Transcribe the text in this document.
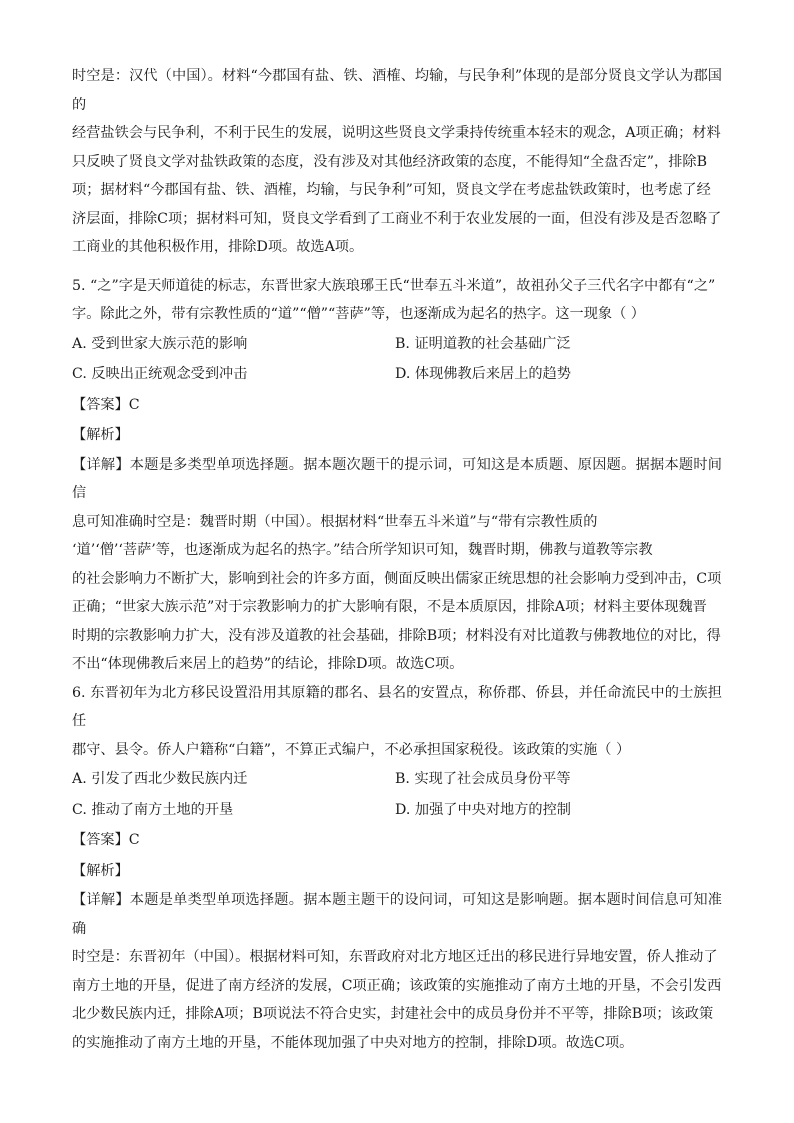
时空是：汉代（中国）。材料“今郡国有盐、铁、酒榷、均输，与民争利”体现的是部分贤良文学认为郡国的

经营盐铁会与民争利，不利于民生的发展，说明这些贤良文学秉持传统重本轻末的观念，A项正确；材料

只反映了贤良文学对盐铁政策的态度，没有涉及对其他经济政策的态度，不能得知“全盘否定”，排除B

项；据材料“今郡国有盐、铁、酒榷，均输，与民争利”可知，贤良文学在考虑盐铁政策时，也考虑了经

济层面，排除C项；据材料可知，贤良文学看到了工商业不利于农业发展的一面，但没有涉及是否忽略了

工商业的其他积极作用，排除D项。故选A项。

5. “之”字是天师道徒的标志，东晋世家大族琅琊王氏“世奉五斗米道”，故祖孙父子三代名字中都有“之”

字。除此之外，带有宗教性质的“道”“僧”“菩萨”等，也逐渐成为起名的热字。这一现象（ ）

A. 受到世家大族示范的影响	B. 证明道教的社会基础广泛
C. 反映出正统观念受到冲击	D. 体现佛教后来居上的趋势

【答案】C

【解析】

【详解】本题是多类型单项选择题。据本题次题干的提示词，可知这是本质题、原因题。据据本题时间信

息可知准确时空是：魏晋时期（中国）。根据材料“世奉五斗米道”与“带有宗教性质的

‘道’‘僧’‘菩萨’等，也逐渐成为起名的热字。”结合所学知识可知，魏晋时期，佛教与道教等宗教

的社会影响力不断扩大，影响到社会的许多方面，侧面反映出儒家正统思想的社会影响力受到冲击，C项

正确；“世家大族示范”对于宗教影响力的扩大影响有限，不是本质原因，排除A项；材料主要体现魏晋

时期的宗教影响力扩大，没有涉及道教的社会基础，排除B项；材料没有对比道教与佛教地位的对比，得

不出“体现佛教后来居上的趋势”的结论，排除D项。故选C项。

6. 东晋初年为北方移民设置沿用其原籍的郡名、县名的安置点，称侨郡、侨县，并任命流民中的士族担任

郡守、县令。侨人户籍称“白籍”，不算正式编户，不必承担国家税役。该政策的实施（ ）

A. 引发了西北少数民族内迁	B. 实现了社会成员身份平等
C. 推动了南方土地的开垦	D. 加强了中央对地方的控制

【答案】C

【解析】

【详解】本题是单类型单项选择题。据本题主题干的设问词，可知这是影响题。据本题时间信息可知准确

时空是：东晋初年（中国）。根据材料可知，东晋政府对北方地区迁出的移民进行异地安置，侨人推动了

南方土地的开垦，促进了南方经济的发展，C项正确；该政策的实施推动了南方土地的开垦，不会引发西

北少数民族内迁，排除A项；B项说法不符合史实，封建社会中的成员身份并不平等，排除B项；该政策

的实施推动了南方土地的开垦，不能体现加强了中央对地方的控制，排除D项。故选C项。
